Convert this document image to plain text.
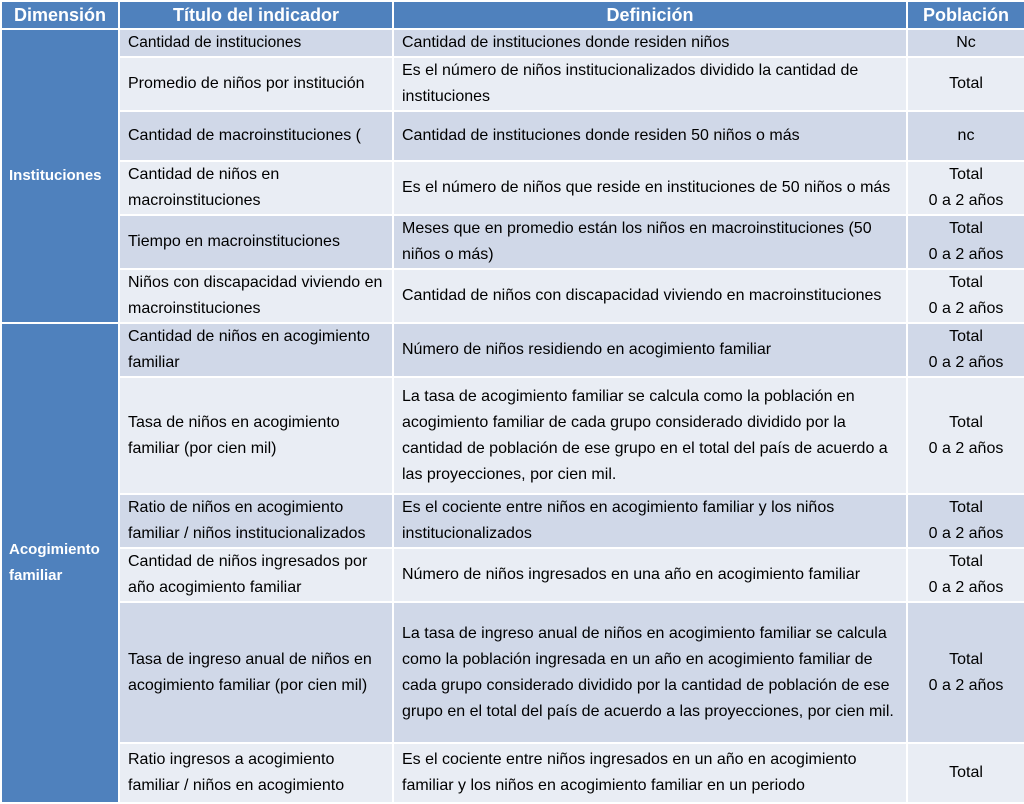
Dimensión	Título del indicador	Definición	Población
Instituciones	Cantidad de instituciones	Cantidad de instituciones donde residen niños	Nc

	Promedio de niños por institución	Es el número de niños institucionalizados dividido la cantidad de instituciones	Total

	Cantidad de macroinstituciones (	Cantidad de instituciones donde residen 50 niños o más	nc

	Cantidad de niños en macroinstituciones	Es el número de niños que reside en instituciones de 50 niños o más	Total
0 a 2 años

	Tiempo en macroinstituciones	Meses que en promedio están los niños en macroinstituciones (50 niños o más)	Total
0 a 2 años

	Niños con discapacidad viviendo en macroinstituciones	Cantidad de niños con discapacidad viviendo en macroinstituciones	Total
0 a 2 años

Acogimiento familiar	Cantidad de niños en acogimiento familiar	Número de niños residiendo en acogimiento familiar	Total
0 a 2 años

	Tasa de niños en acogimiento familiar (por cien mil)	La tasa de acogimiento familiar se calcula como la población en acogimiento familiar de cada grupo considerado dividido por la cantidad de población de ese grupo en el total del país de acuerdo a las proyecciones, por cien mil.	Total
0 a 2 años

	Ratio de niños en acogimiento familiar / niños institucionalizados	Es el cociente entre niños en acogimiento familiar y los niños institucionalizados	Total
0 a 2 años

	Cantidad de niños ingresados por año acogimiento familiar	Número de niños ingresados en una año en acogimiento familiar	Total
0 a 2 años

	Tasa de ingreso anual de niños en acogimiento familiar (por cien mil)	La tasa de ingreso anual de niños en acogimiento familiar se calcula como la población ingresada en un año en acogimiento familiar de cada grupo considerado dividido por la cantidad de población de ese grupo en el total del país de acuerdo a las proyecciones, por cien mil.	Total
0 a 2 años

	Ratio ingresos a acogimiento familiar / niños en acogimiento	Es el cociente entre niños ingresados en un año en acogimiento familiar y los niños en acogimiento familiar en un periodo	Total
